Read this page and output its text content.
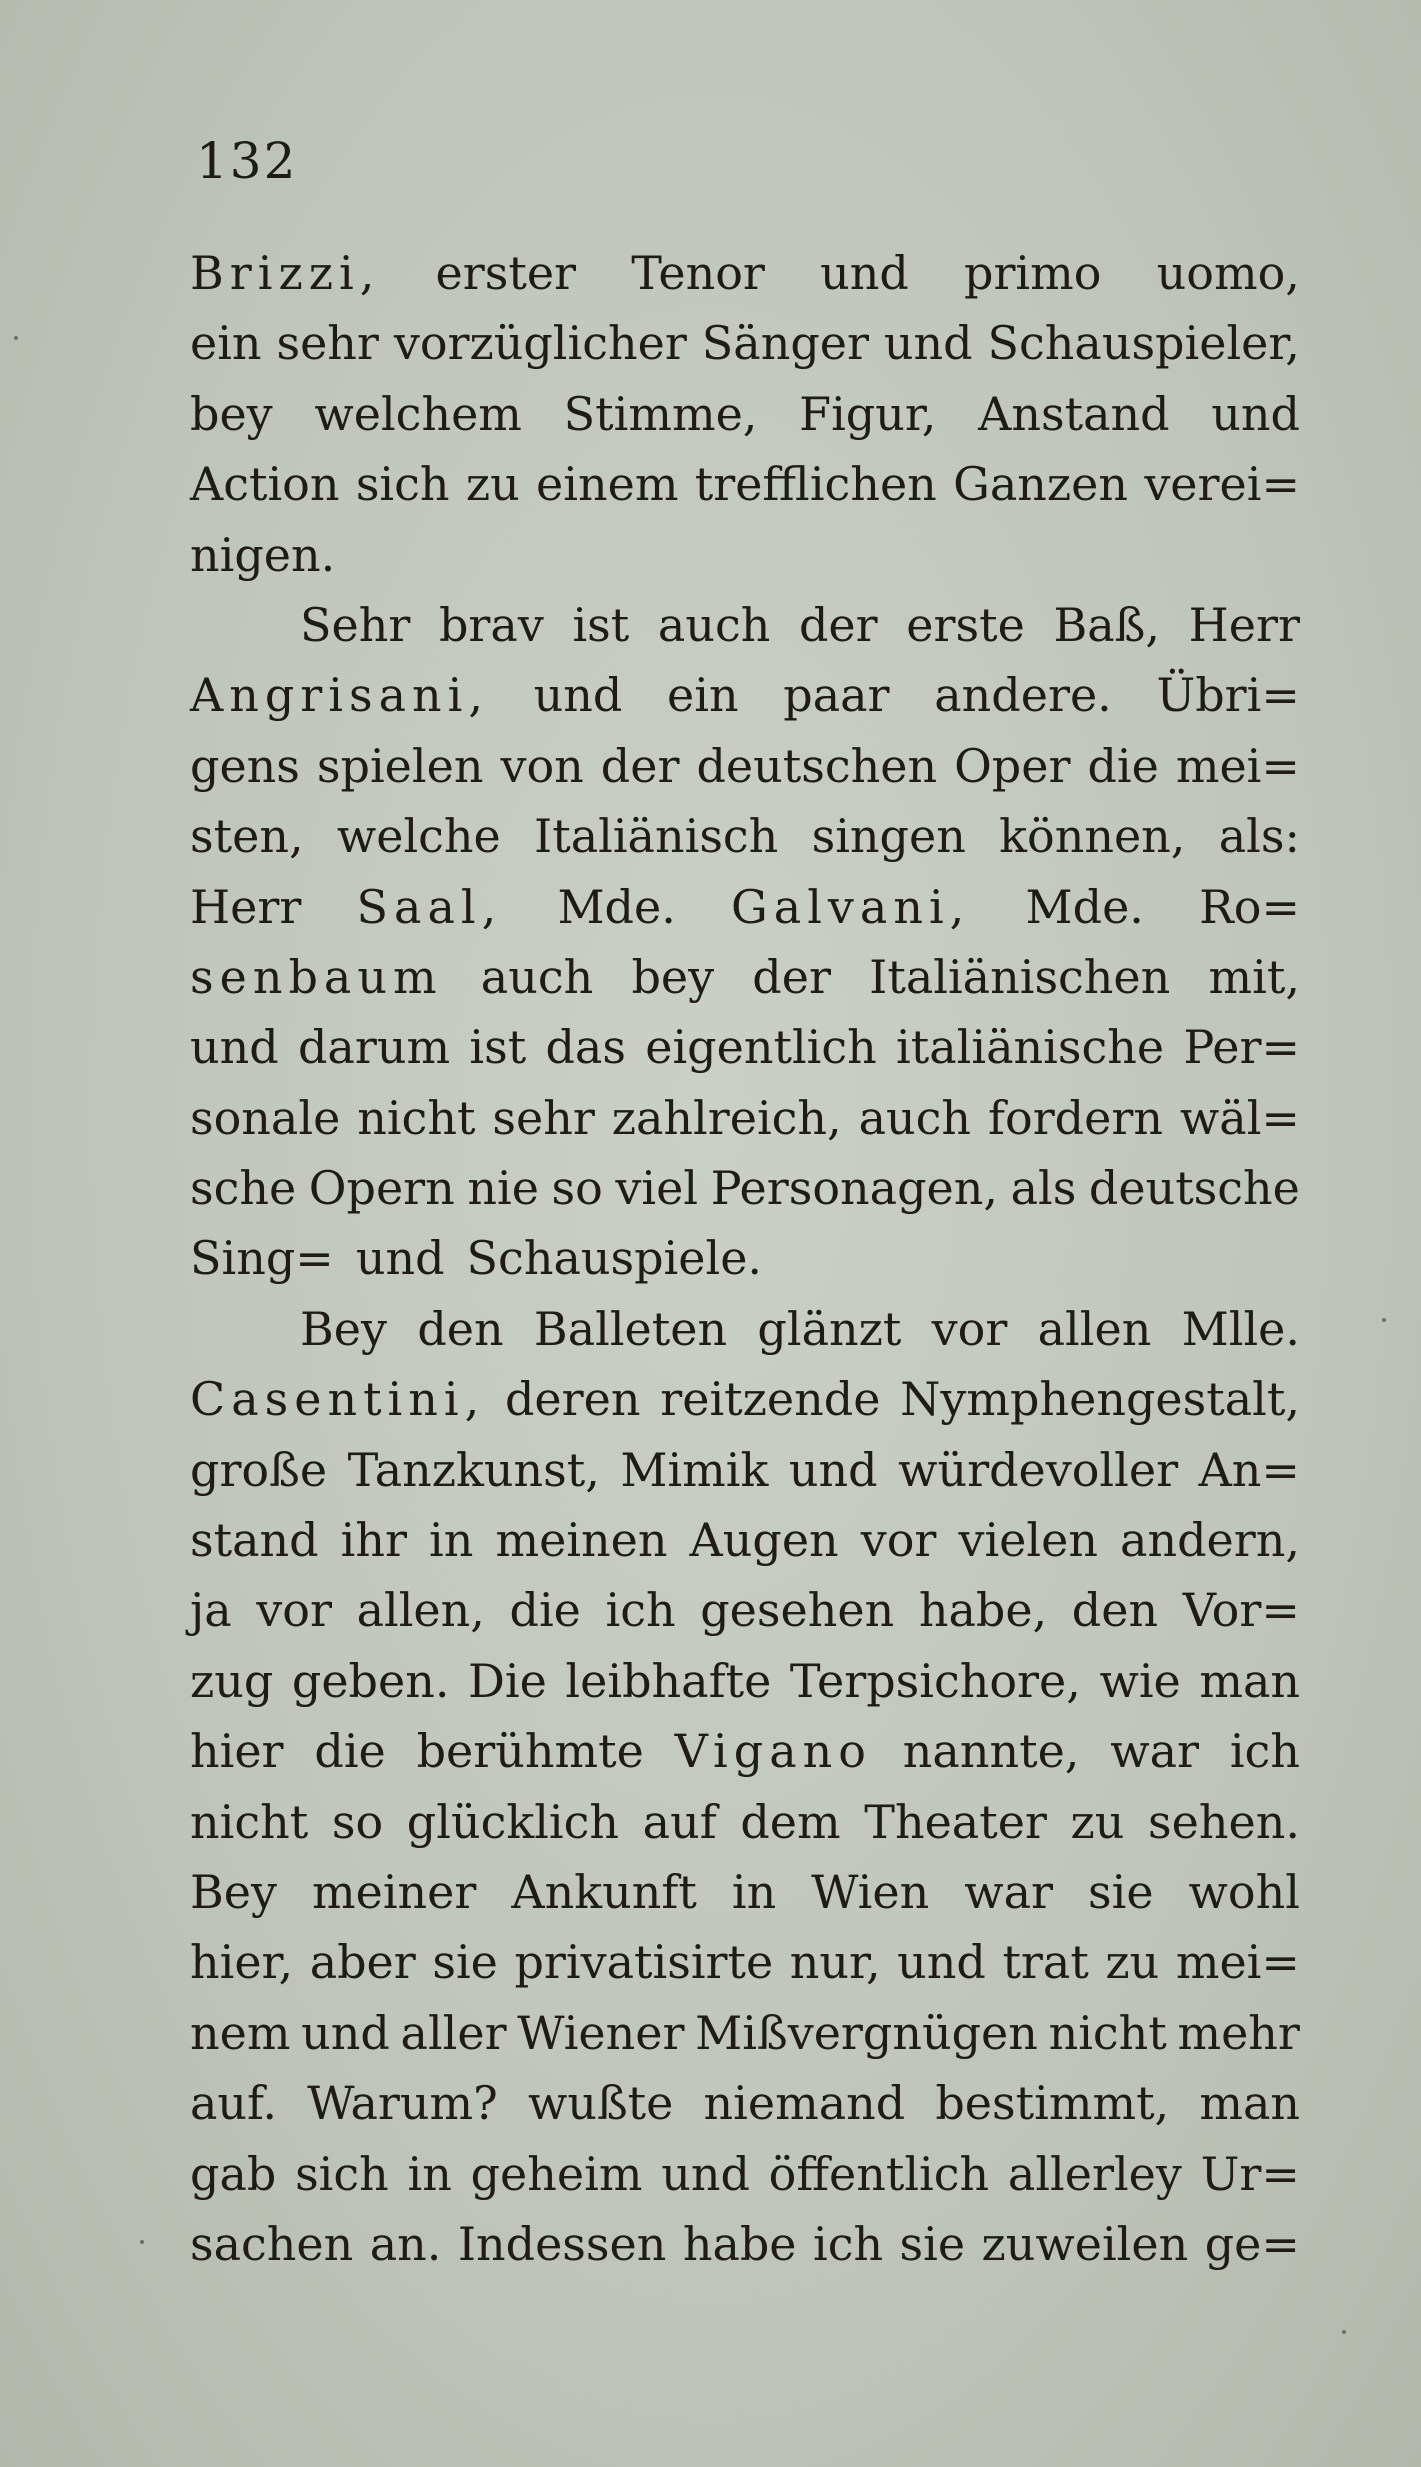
132
Brizzi, erster Tenor und primo uomo,
ein sehr vorzüglicher Sänger und Schauspieler,
bey welchem Stimme, Figur, Anstand und
Action sich zu einem trefflichen Ganzen verei=
nigen.
Sehr brav ist auch der erste Baß, Herr
Angrisani, und ein paar andere. Übri=
gens spielen von der deutschen Oper die mei=
sten, welche Italiänisch singen können, als:
Herr Saal, Mde. Galvani, Mde. Ro=
senbaum auch bey der Italiänischen mit,
und darum ist das eigentlich italiänische Per=
sonale nicht sehr zahlreich, auch fordern wäl=
sche Opern nie so viel Personagen, als deutsche
Sing= und Schauspiele.
Bey den Balleten glänzt vor allen Mlle.
Casentini, deren reitzende Nymphengestalt,
große Tanzkunst, Mimik und würdevoller An=
stand ihr in meinen Augen vor vielen andern,
ja vor allen, die ich gesehen habe, den Vor=
zug geben. Die leibhafte Terpsichore, wie man
hier die berühmte Vigano nannte, war ich
nicht so glücklich auf dem Theater zu sehen.
Bey meiner Ankunft in Wien war sie wohl
hier, aber sie privatisirte nur, und trat zu mei=
nem und aller Wiener Mißvergnügen nicht mehr
auf. Warum? wußte niemand bestimmt, man
gab sich in geheim und öffentlich allerley Ur=
sachen an. Indessen habe ich sie zuweilen ge=
